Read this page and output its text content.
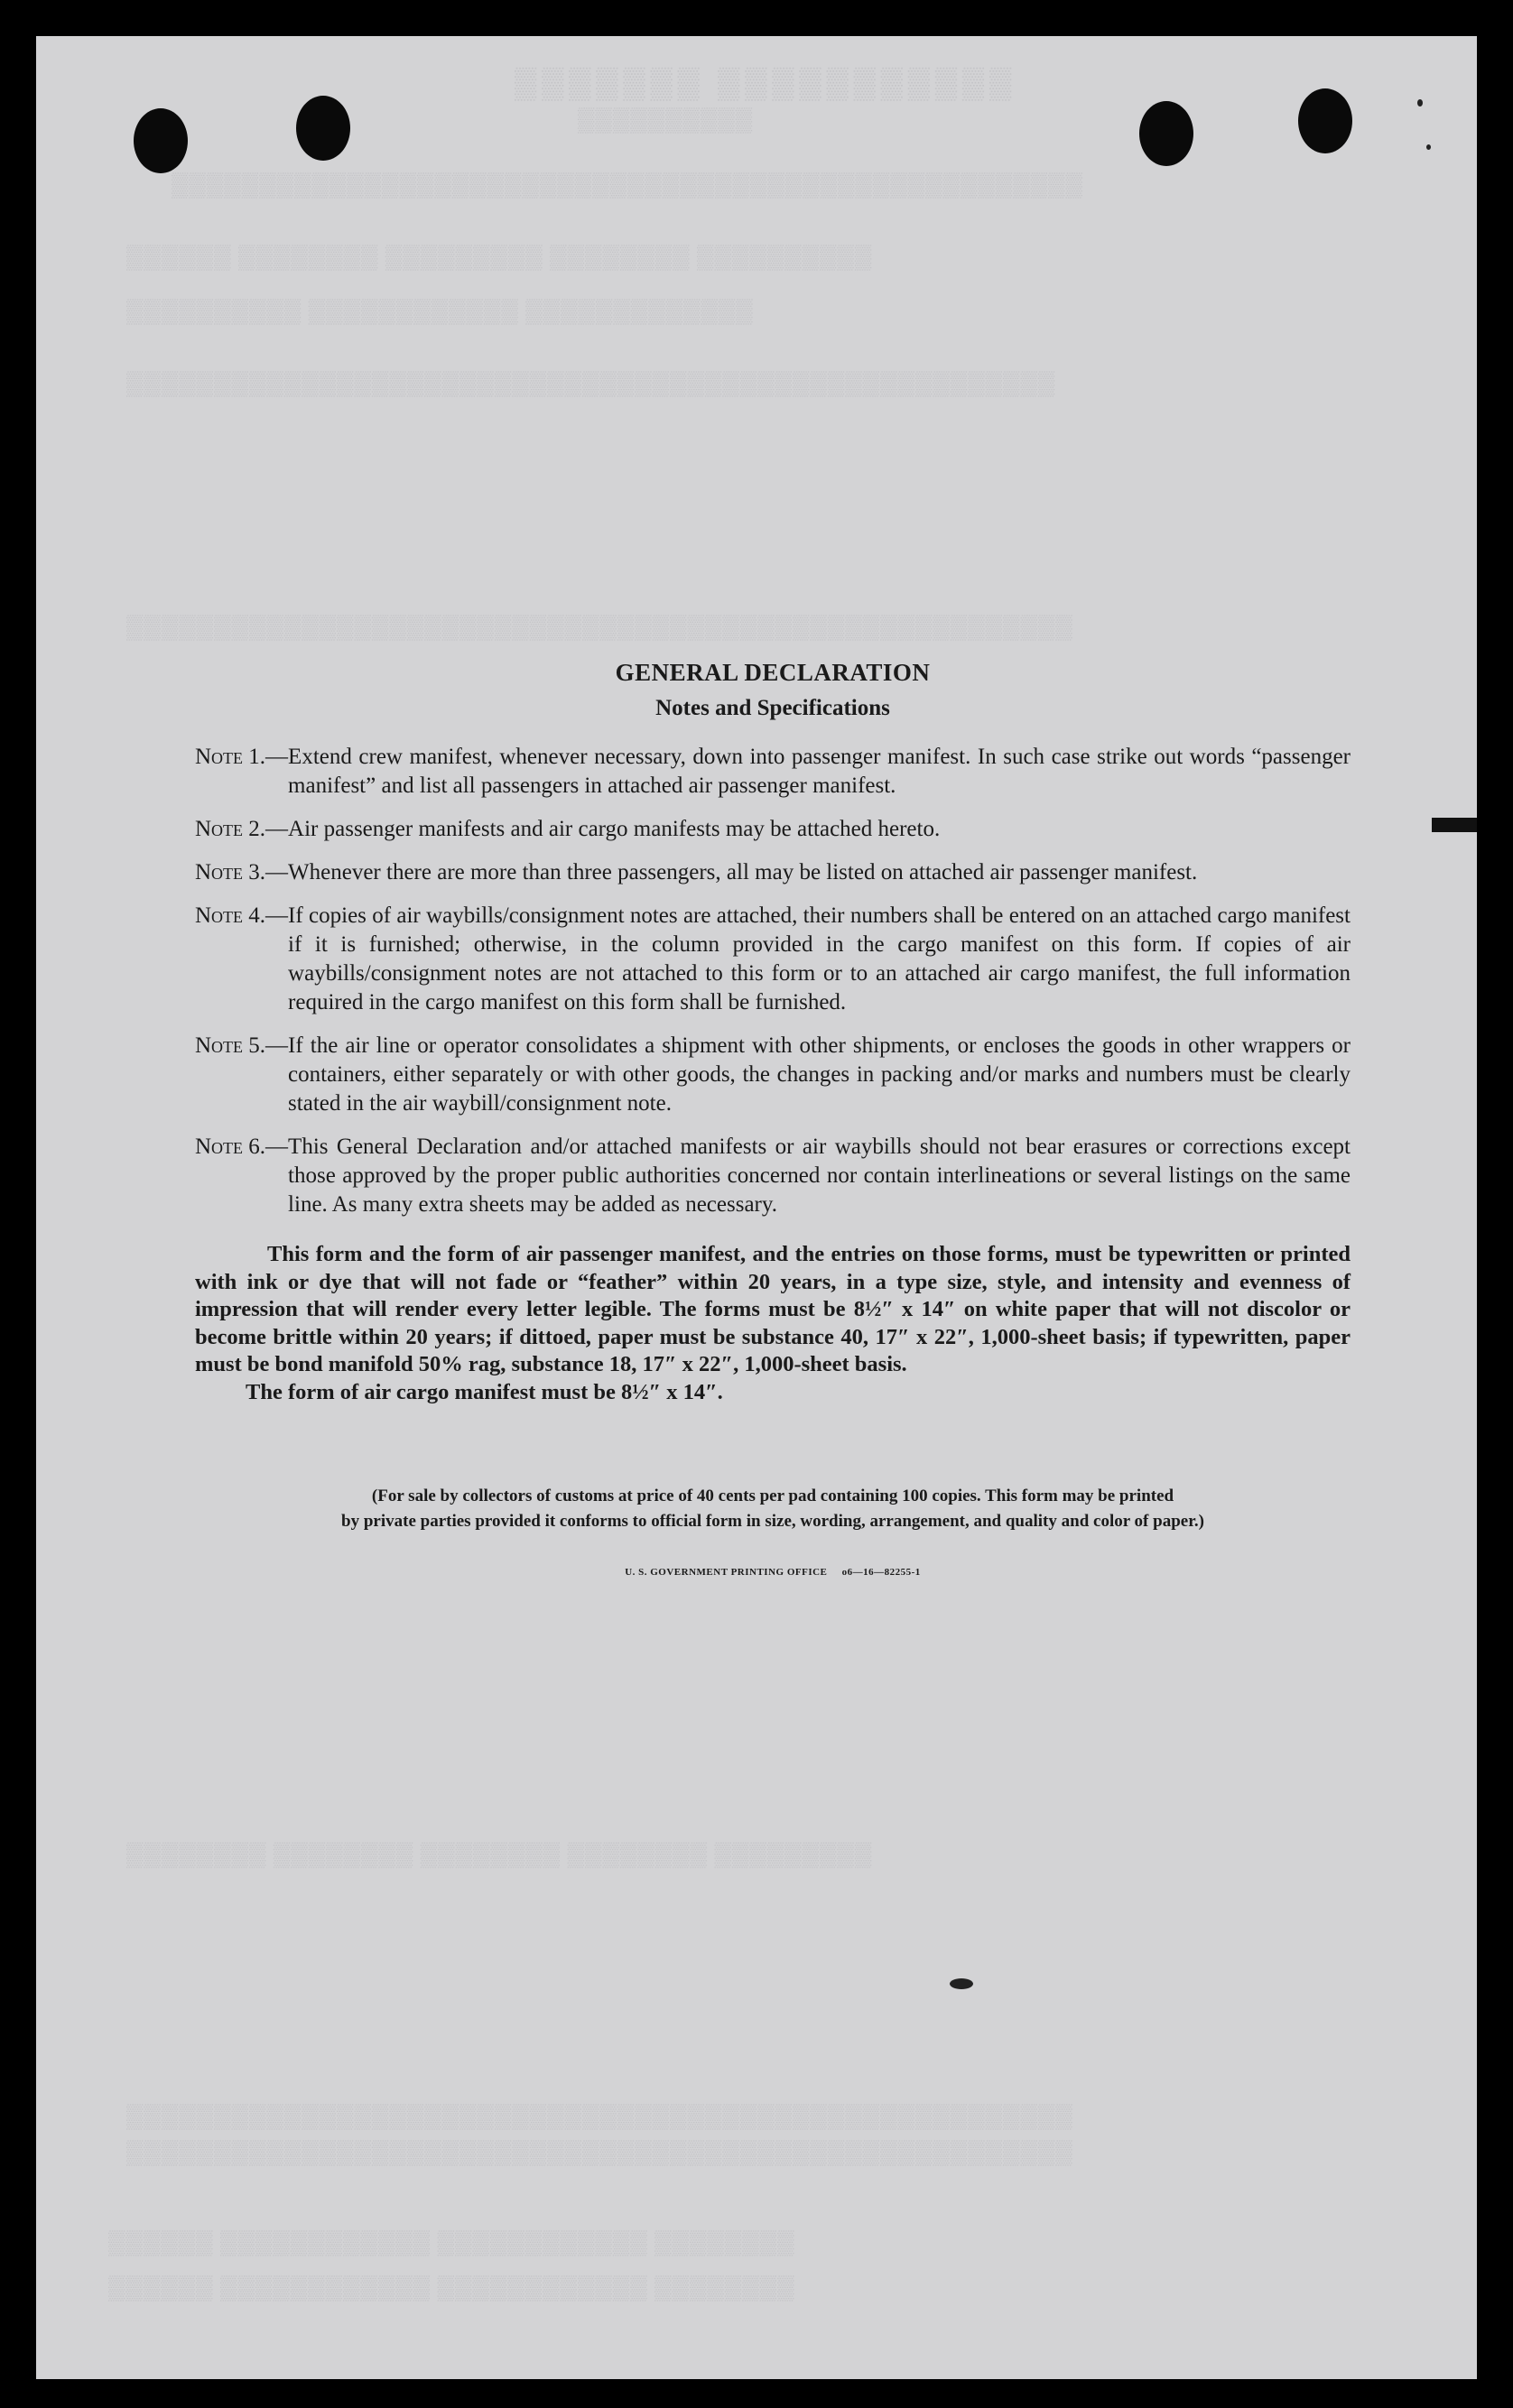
▒▒▒▒▒▒▒ ▒▒▒▒▒▒▒▒▒▒▒
▒▒▒▒▒▒▒▒▒▒
▒▒▒▒▒▒▒▒▒▒▒▒▒▒▒▒▒▒▒▒▒▒▒▒▒▒▒▒▒▒▒▒▒▒▒▒▒▒▒▒▒▒▒▒▒▒▒▒▒▒▒▒
▒▒▒▒▒▒ ▒▒▒▒▒▒▒▒ ▒▒▒▒▒▒▒▒▒ ▒▒▒▒▒▒▒▒ ▒▒▒▒▒▒▒▒▒▒
▒▒▒▒▒▒▒▒▒▒ ▒▒▒▒▒▒▒▒▒▒▒▒ ▒▒▒▒▒▒▒▒▒▒▒▒▒
▒▒▒▒▒▒▒▒▒▒▒▒▒▒▒▒▒▒▒▒▒▒▒▒▒▒▒▒▒▒▒▒▒▒▒▒▒▒▒▒▒▒▒▒▒▒▒▒▒▒▒▒▒
▒▒▒▒▒▒▒▒▒▒▒▒▒▒▒▒▒▒▒▒▒▒▒▒▒▒▒▒▒▒▒▒▒▒▒▒▒▒▒▒▒▒▒▒▒▒▒▒▒▒▒▒▒▒
▒▒▒▒▒▒▒▒ ▒▒▒▒▒▒▒▒ ▒▒▒▒▒▒▒▒ ▒▒▒▒▒▒▒▒ ▒▒▒▒▒▒▒▒▒
▒▒▒▒▒▒▒▒▒▒▒▒▒▒▒▒▒▒▒▒▒▒▒▒▒▒▒▒▒▒▒▒▒▒▒▒▒▒▒▒▒▒▒▒▒▒▒▒▒▒▒▒▒▒
▒▒▒▒▒▒▒▒▒▒▒▒▒▒▒▒▒▒▒▒▒▒▒▒▒▒▒▒▒▒▒▒▒▒▒▒▒▒▒▒▒▒▒▒▒▒▒▒▒▒▒▒▒▒
▒▒▒▒▒▒ ▒▒▒▒▒▒▒▒▒▒▒▒ ▒▒▒▒▒▒▒▒▒▒▒▒ ▒▒▒▒▒▒▒▒
▒▒▒▒▒▒ ▒▒▒▒▒▒▒▒▒▒▒▒ ▒▒▒▒▒▒▒▒▒▒▒▒ ▒▒▒▒▒▒▒▒
GENERAL DECLARATION
Notes and Specifications
Note 1.— Extend crew manifest, whenever necessary, down into passenger manifest. In such case strike out words “passenger manifest” and list all passengers in attached air passenger manifest.
Note 2.— Air passenger manifests and air cargo manifests may be attached hereto.
Note 3.— Whenever there are more than three passengers, all may be listed on attached air passenger manifest.
Note 4.— If copies of air waybills/consignment notes are attached, their numbers shall be entered on an attached cargo manifest if it is furnished; otherwise, in the column provided in the cargo manifest on this form. If copies of air waybills/consignment notes are not attached to this form or to an attached air cargo manifest, the full information required in the cargo manifest on this form shall be furnished.
Note 5.— If the air line or operator consolidates a shipment with other shipments, or encloses the goods in other wrappers or containers, either separately or with other goods, the changes in packing and/or marks and numbers must be clearly stated in the air waybill/consignment note.
Note 6.— This General Declaration and/or attached manifests or air waybills should not bear erasures or corrections except those approved by the proper public authorities concerned nor contain interlineations or several listings on the same line. As many extra sheets may be added as necessary.
This form and the form of air passenger manifest, and the entries on those forms, must be typewritten or printed with ink or dye that will not fade or “feather” within 20 years, in a type size, style, and intensity and evenness of impression that will render every letter legible. The forms must be 8½″ x 14″ on white paper that will not discolor or become brittle within 20 years; if dittoed, paper must be substance 40, 17″ x 22″, 1,000-sheet basis; if typewritten, paper must be bond manifold 50% rag, substance 18, 17″ x 22″, 1,000-sheet basis.
The form of air cargo manifest must be 8½″ x 14″.
(For sale by collectors of customs at price of 40 cents per pad containing 100 copies. This form may be printed
by private parties provided it conforms to official form in size, wording, arrangement, and quality and color of paper.)
U. S. GOVERNMENT PRINTING OFFICE     o6—16—82255-1
